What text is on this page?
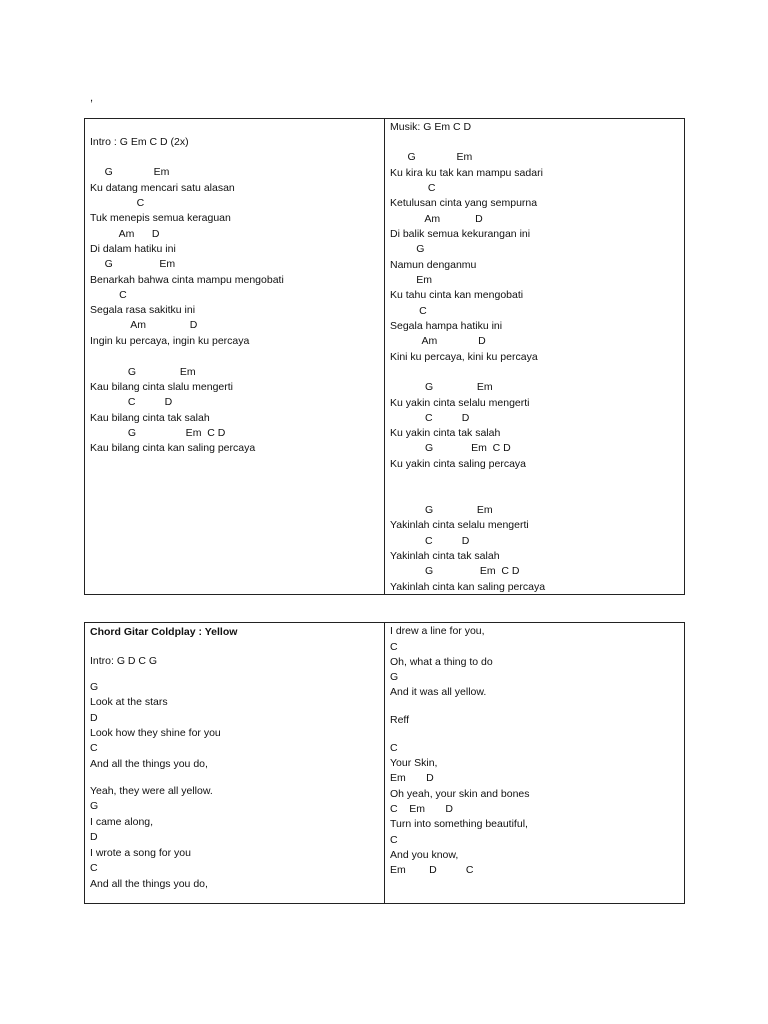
,
Intro : G Em C D (2x)
G              Em
Ku datang mencari satu alasan
C
Tuk menepis semua keraguan
Am      D
Di dalam hatiku ini
G                Em
Benarkah bahwa cinta mampu mengobati
C
Segala rasa sakitku ini
Am               D
Ingin ku percaya, ingin ku percaya
G               Em
Kau bilang cinta slalu mengerti
C          D
Kau bilang cinta tak salah
G                 Em  C D
Kau bilang cinta kan saling percaya
Musik: G Em C D
G              Em
Ku kira ku tak kan mampu sadari
C
Ketulusan cinta yang sempurna
Am            D
Di balik semua kekurangan ini
G
Namun denganmu
Em
Ku tahu cinta kan mengobati
C
Segala hampa hatiku ini
Am              D
Kini ku percaya, kini ku percaya
G               Em
Ku yakin cinta selalu mengerti
C          D
Ku yakin cinta tak salah
G             Em  C D
Ku yakin cinta saling percaya
G               Em
Yakinlah cinta selalu mengerti
C          D
Yakinlah cinta tak salah
G                Em  C D
Yakinlah cinta kan saling percaya
Chord Gitar Coldplay : Yellow
Intro: G D C G
G
Look at the stars
D
Look how they shine for you
C
And all the things you do,
Yeah, they were all yellow.
G
I came along,
D
I wrote a song for you
C
And all the things you do,
I drew a line for you,
C
Oh, what a thing to do
G
And it was all yellow.
Reff
C
Your Skin,
Em       D
Oh yeah, your skin and bones
C    Em       D
Turn into something beautiful,
C
And you know,
Em        D          C
